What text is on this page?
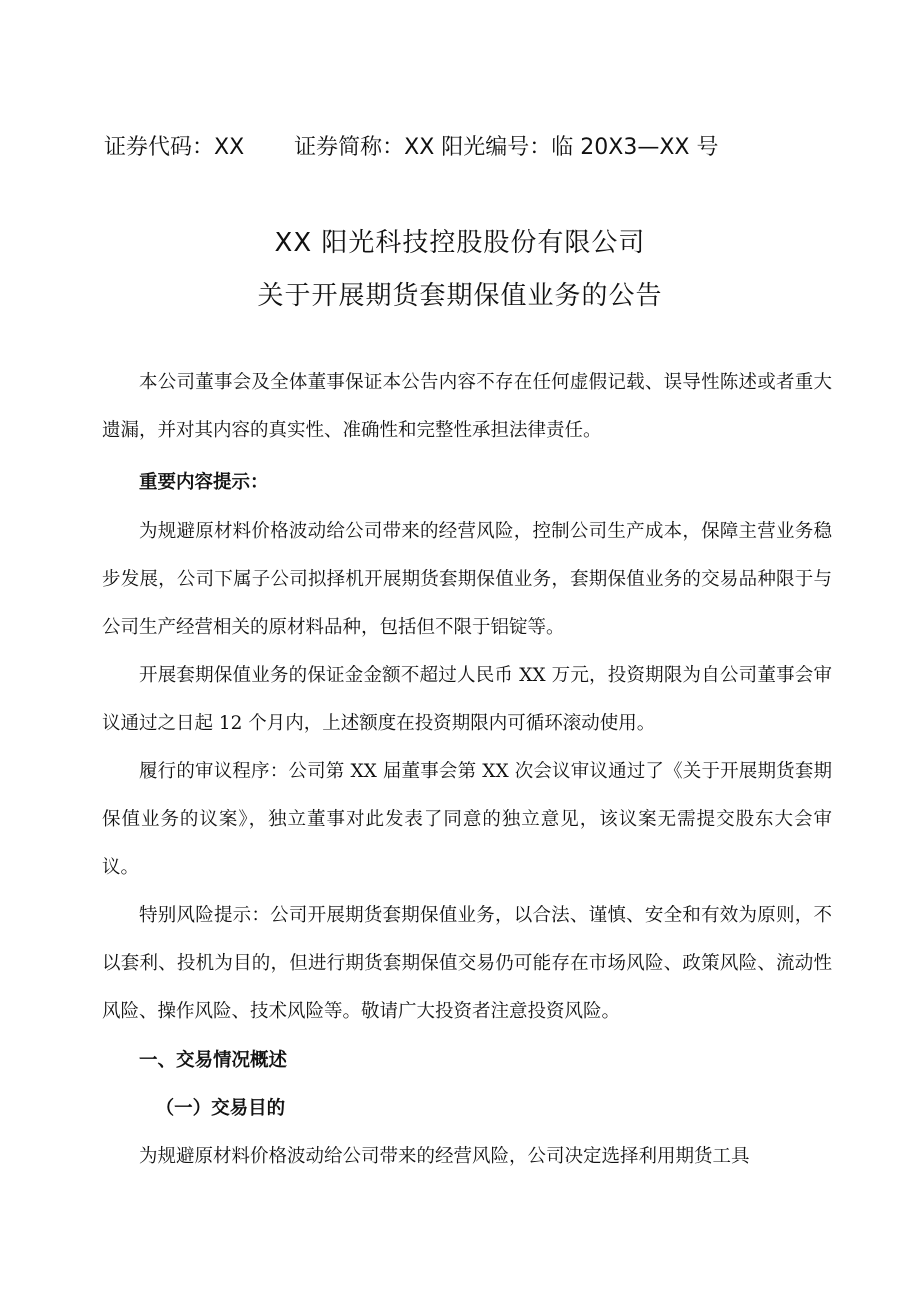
证券代码：XX 证券简称：XX 阳光编号：临 20X3—XX 号
XX 阳光科技控股股份有限公司
关于开展期货套期保值业务的公告

本公司董事会及全体董事保证本公告内容不存在任何虚假记载、误导性陈述或者重大遗漏，并对其内容的真实性、准确性和完整性承担法律责任。

重要内容提示：

为规避原材料价格波动给公司带来的经营风险，控制公司生产成本，保障主营业务稳步发展，公司下属子公司拟择机开展期货套期保值业务，套期保值业务的交易品种限于与公司生产经营相关的原材料品种，包括但不限于铝锭等。

开展套期保值业务的保证金金额不超过人民币 XX 万元，投资期限为自公司董事会审议通过之日起 12 个月内，上述额度在投资期限内可循环滚动使用。

履行的审议程序：公司第 XX 届董事会第 XX 次会议审议通过了《关于开展期货套期保值业务的议案》，独立董事对此发表了同意的独立意见，该议案无需提交股东大会审议。

特别风险提示：公司开展期货套期保值业务，以合法、谨慎、安全和有效为原则，不以套利、投机为目的，但进行期货套期保值交易仍可能存在市场风险、政策风险、流动性风险、操作风险、技术风险等。敬请广大投资者注意投资风险。

一、交易情况概述

（一）交易目的

为规避原材料价格波动给公司带来的经营风险，公司决定选择利用期货工具
